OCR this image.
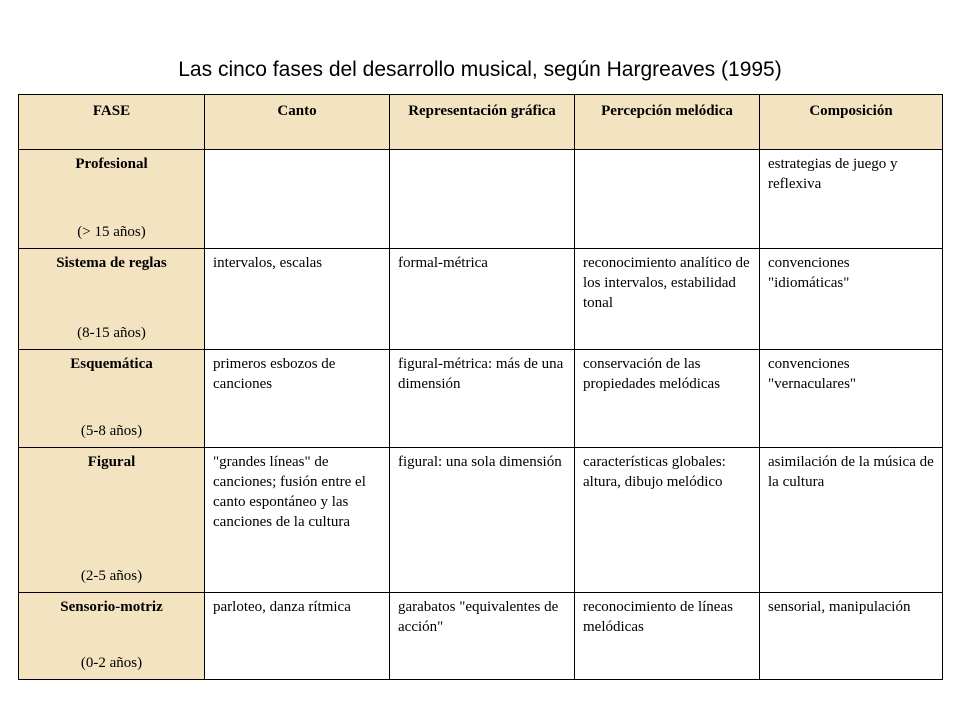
Las cinco fases del desarrollo musical, según Hargreaves (1995)
FASE	Canto	Representación gráfica	Percepción melódica	Composición

Profesional
(> 15 años)				estrategias de juego y reflexiva

Sistema de reglas
(8-15 años)	intervalos, escalas	formal-métrica	reconocimiento analítico de los intervalos, estabilidad tonal	convenciones "idiomáticas"

Esquemática
(5-8 años)	primeros esbozos de canciones	figural-métrica: más de una dimensión	conservación de las propiedades melódicas	convenciones "vernaculares"

Figural
(2-5 años)	"grandes líneas" de canciones; fusión entre el canto espontáneo y las canciones de la cultura	figural: una sola dimensión	características globales: altura, dibujo melódico	asimilación de la música de la cultura

Sensorio-motriz
(0-2 años)	parloteo, danza rítmica	garabatos "equivalentes de acción"	reconocimiento de líneas melódicas	sensorial, manipulación
